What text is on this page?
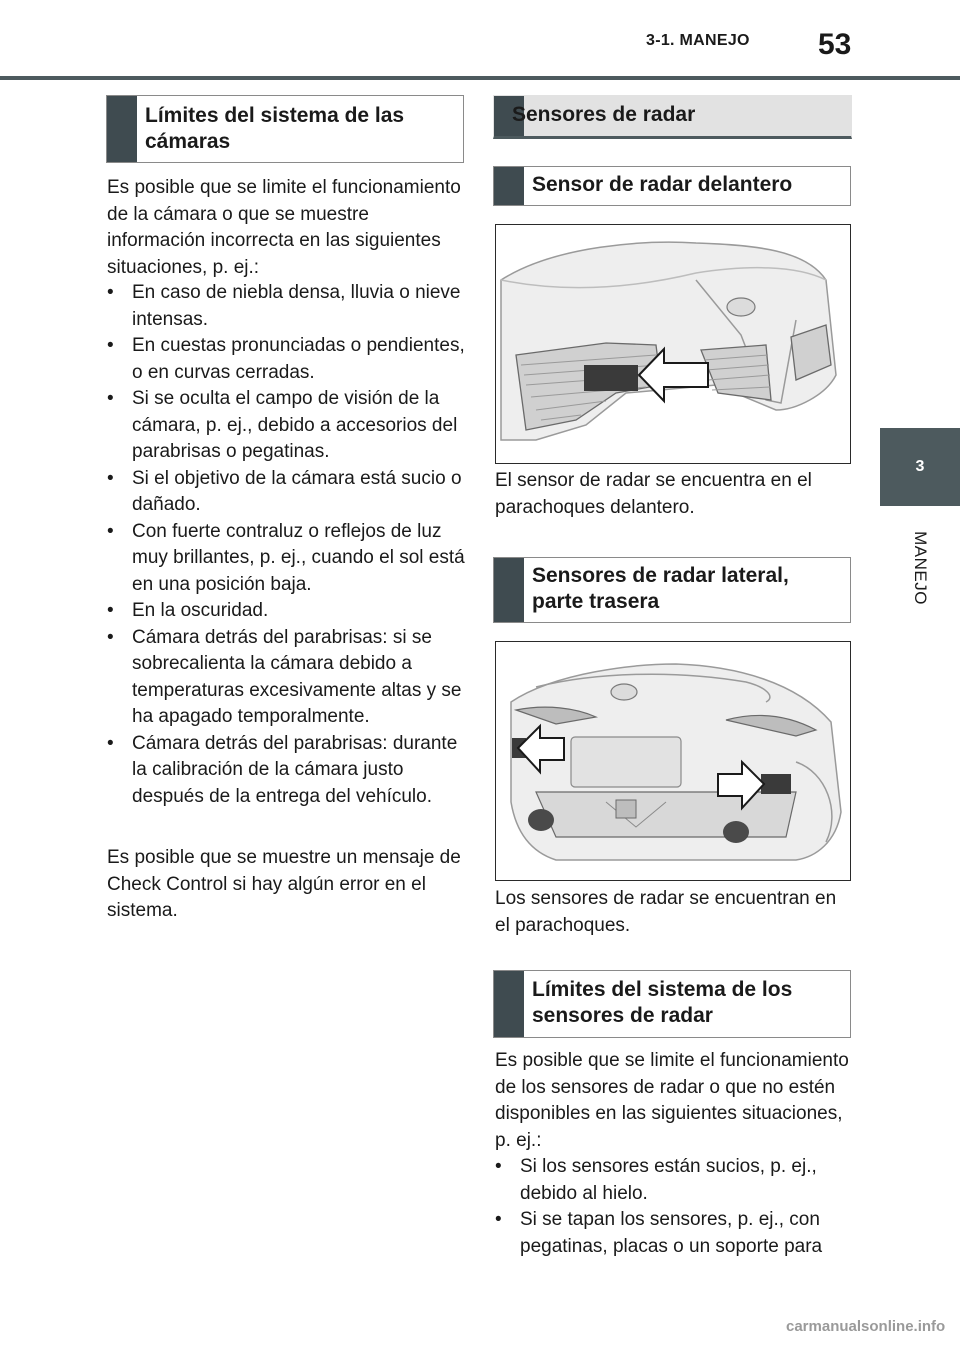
3-1. MANEJO 53
3
MANEJO
Límites del sistema de las cámaras

Es posible que se limite el funcionamiento de la cámara o que se muestre información incorrecta en las siguientes situaciones, p. ej.:

• En caso de niebla densa, lluvia o nieve intensas.
• En cuestas pronunciadas o pendientes, o en curvas cerradas.
• Si se oculta el campo de visión de la cámara, p. ej., debido a accesorios del parabrisas o pegatinas.
• Si el objetivo de la cámara está sucio o dañado.
• Con fuerte contraluz o reflejos de luz muy brillantes, p. ej., cuando el sol está en una posición baja.
• En la oscuridad.
• Cámara detrás del parabrisas: si se sobrecalienta la cámara debido a temperaturas excesivamente altas y se ha apagado temporalmente.
• Cámara detrás del parabrisas: durante la calibración de la cámara justo después de la entrega del vehículo.

Es posible que se muestre un mensaje de Check Control si hay algún error en el sistema.

Sensores de radar
Sensor de radar delantero

El sensor de radar se encuentra en el parachoques delantero.

Sensores de radar lateral, parte trasera

Los sensores de radar se encuentran en el parachoques.

Límites del sistema de los sensores de radar

Es posible que se limite el funcionamiento de los sensores de radar o que no estén disponibles en las siguientes situaciones, p. ej.:

• Si los sensores están sucios, p. ej., debido al hielo.
• Si se tapan los sensores, p. ej., con pegatinas, placas o un soporte para
carmanualsonline.info
